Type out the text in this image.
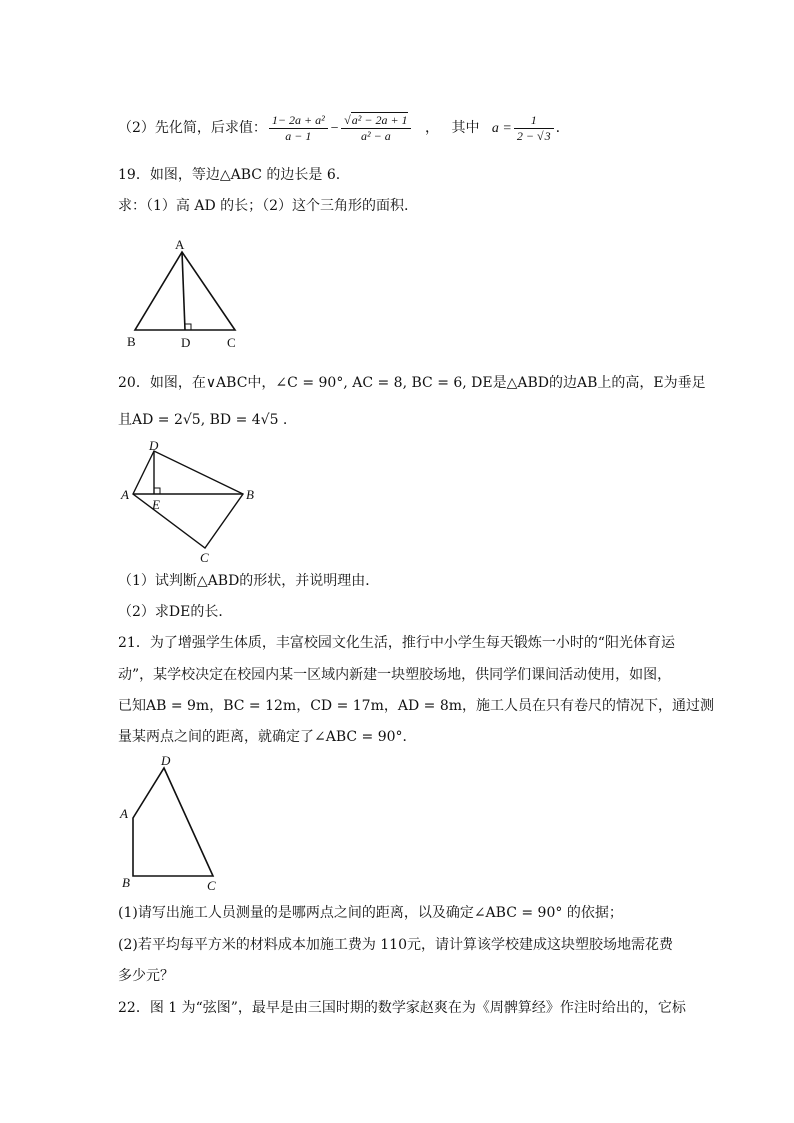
（2）先化简，后求值： $\frac{\text{1− 2a + a²}}{a - 1} - \frac{\text{√a² − 2a + 1}}{\text{a² − a}}$ ， 其中 $a = \frac{1}{2 - √3}$ .
19．如图，等边△ABC 的边长是 6.
求：（1）高 AD 的长；（2）这个三角形的面积.
A
B	D	C
20．如图，在∨ABC中，∠C = 90°, AC = 8, BC = 6, DE是△ABD的边AB上的高，E为垂足
且AD = 2√5, BD = 4√5 .
D
A
E
B
C
（1）试判断△ABD的形状，并说明理由．
（2）求DE的长．
21．为了增强学生体质，丰富校园文化生活，推行中小学生每天锻炼一小时的“阳光体育运
动”，某学校决定在校园内某一区域内新建一块塑胶场地，供同学们课间活动使用，如图，
已知AB = 9m，BC = 12m，CD = 17m，AD = 8m，施工人员在只有卷尺的情况下，通过测
量某两点之间的距离，就确定了∠ABC = 90°．
D
A
B	C
(1)请写出施工人员测量的是哪两点之间的距离，以及确定∠ABC = 90° 的依据；
(2)若平均每平方米的材料成本加施工费为 110元，请计算该学校建成这块塑胶场地需花费
多少元？
22．图 1 为“弦图”，最早是由三国时期的数学家赵爽在为《周髀算经》作注时给出的，它标
